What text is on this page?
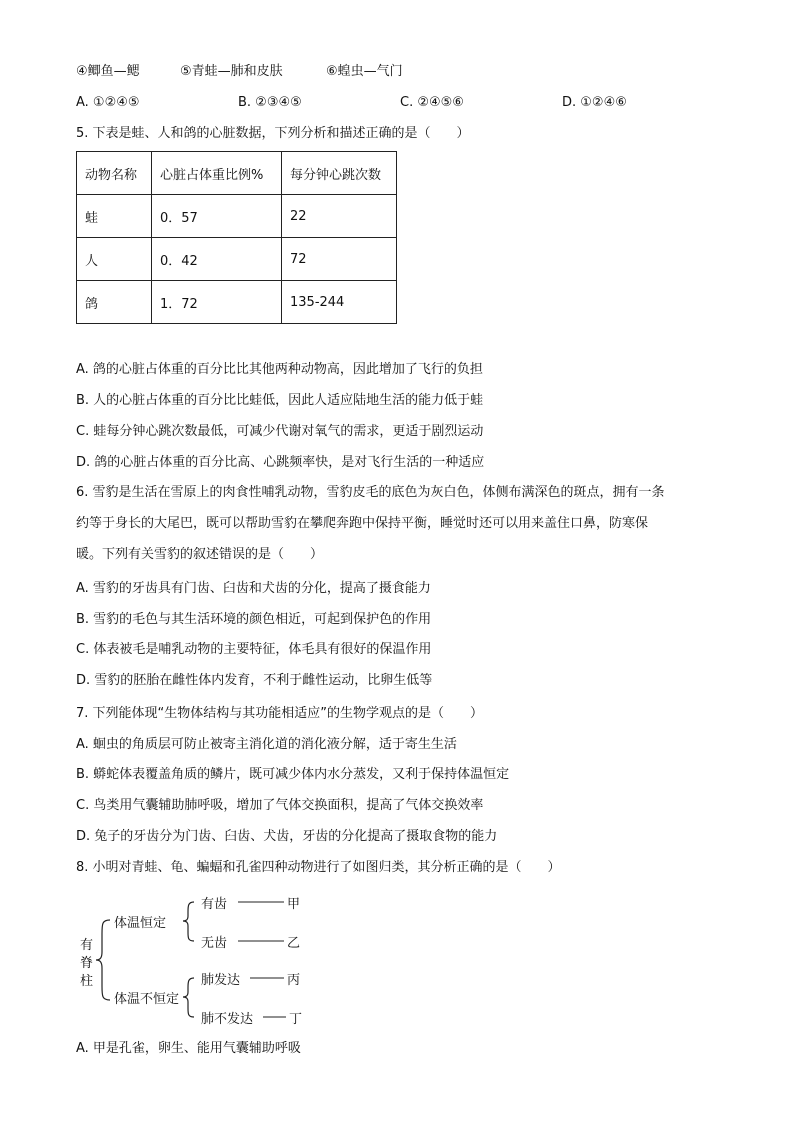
④鲫鱼—鳃	⑤青蛙—肺和皮肤	⑥蝗虫—气门
A. ①②④⑤	B. ②③④⑤	C. ②④⑤⑥	D. ①②④⑥
5. 下表是蛙、人和鸽的心脏数据，下列分析和描述正确的是（　　）
动物名称	心脏占体重比例%	每分钟心跳次数
蛙	0．57	22
人	0．42	72
鸽	1．72	135-244
A. 鸽的心脏占体重的百分比比其他两种动物高，因此增加了飞行的负担
B. 人的心脏占体重的百分比比蛙低，因此人适应陆地生活的能力低于蛙
C. 蛙每分钟心跳次数最低，可减少代谢对氧气的需求，更适于剧烈运动
D. 鸽的心脏占体重的百分比高、心跳频率快，是对飞行生活的一种适应
6. 雪豹是生活在雪原上的肉食性哺乳动物，雪豹皮毛的底色为灰白色，体侧布满深色的斑点，拥有一条
约等于身长的大尾巴，既可以帮助雪豹在攀爬奔跑中保持平衡，睡觉时还可以用来盖住口鼻，防寒保
暖。下列有关雪豹的叙述错误的是（　　）
A. 雪豹的牙齿具有门齿、臼齿和犬齿的分化，提高了摄食能力
B. 雪豹的毛色与其生活环境的颜色相近，可起到保护色的作用
C. 体表被毛是哺乳动物的主要特征，体毛具有很好的保温作用
D. 雪豹的胚胎在雌性体内发育，不利于雌性运动，比卵生低等
7. 下列能体现“生物体结构与其功能相适应”的生物学观点的是（　　）
A. 蛔虫的角质层可防止被寄主消化道的消化液分解，适于寄生生活
B. 蟒蛇体表覆盖角质的鳞片，既可减少体内水分蒸发，又利于保持体温恒定
C. 鸟类用气囊辅助肺呼吸，增加了气体交换面积，提高了气体交换效率
D. 兔子的牙齿分为门齿、臼齿、犬齿，牙齿的分化提高了摄取食物的能力
8. 小明对青蛙、龟、蝙蝠和孔雀四种动物进行了如图归类，其分析正确的是（　　）
有
脊
柱
体温恒定
体温不恒定
有齿	甲
无齿	乙
肺发达	丙
肺不发达	丁
A. 甲是孔雀，卵生、能用气囊辅助呼吸
